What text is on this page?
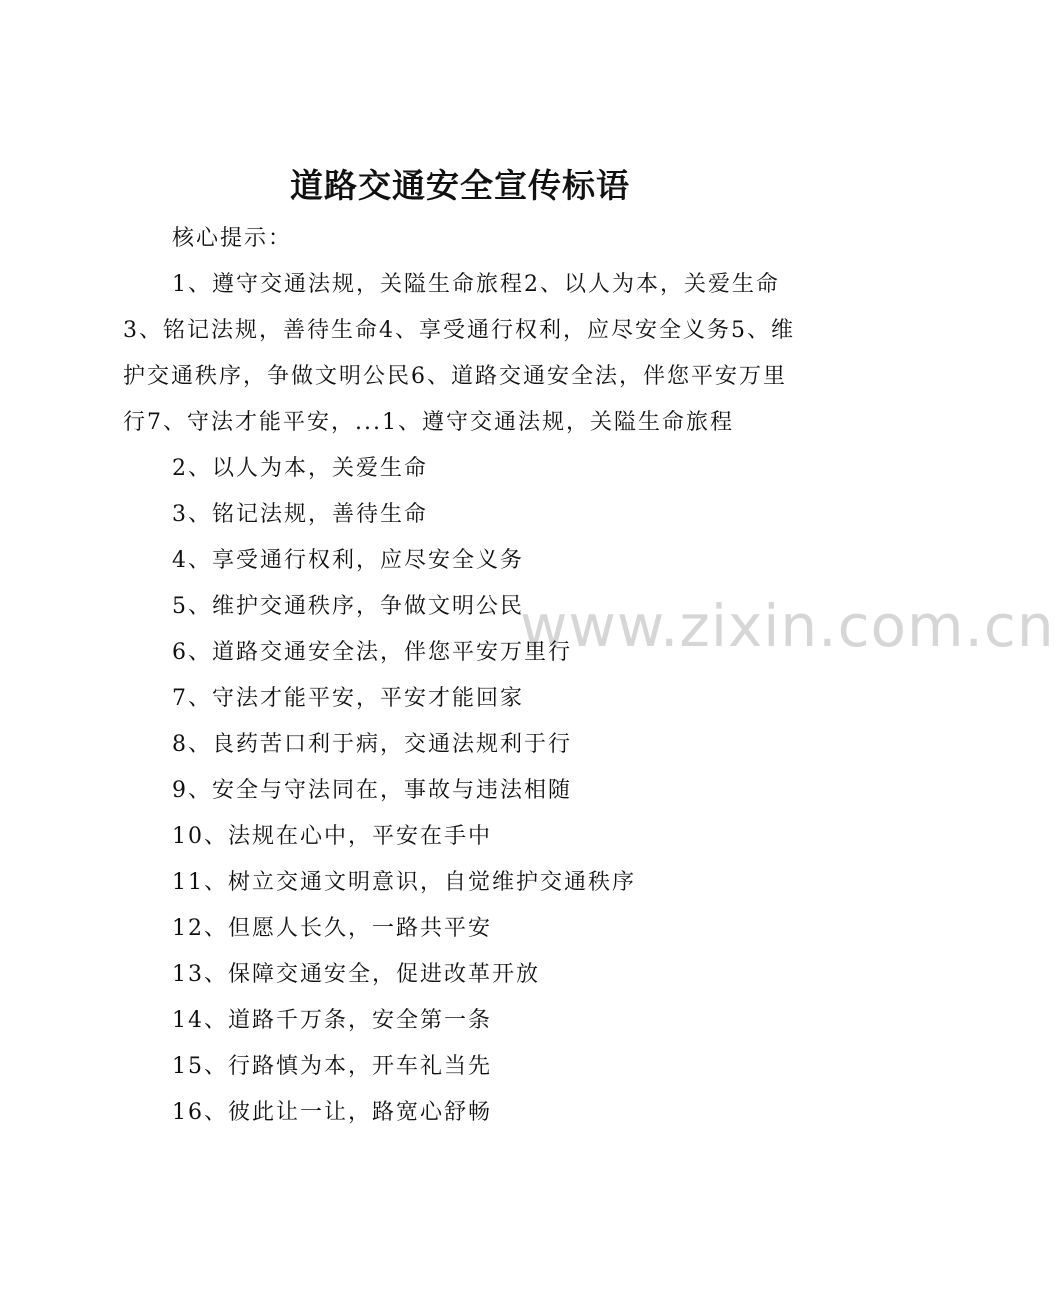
www.zixin.com.cn
道路交通安全宣传标语

核心提示：

1、遵守交通法规，关隘生命旅程2、以人为本，关爱生命3、铭记法规，善待生命4、享受通行权利，应尽安全义务5、维护交通秩序，争做文明公民6、道路交通安全法，伴您平安万里行7、守法才能平安，...1、遵守交通法规，关隘生命旅程

2、以人为本，关爱生命

3、铭记法规，善待生命

4、享受通行权利，应尽安全义务

5、维护交通秩序，争做文明公民

6、道路交通安全法，伴您平安万里行

7、守法才能平安，平安才能回家

8、良药苦口利于病，交通法规利于行

9、安全与守法同在，事故与违法相随

10、法规在心中，平安在手中

11、树立交通文明意识，自觉维护交通秩序

12、但愿人长久，一路共平安

13、保障交通安全，促进改革开放

14、道路千万条，安全第一条

15、行路慎为本，开车礼当先

16、彼此让一让，路宽心舒畅
